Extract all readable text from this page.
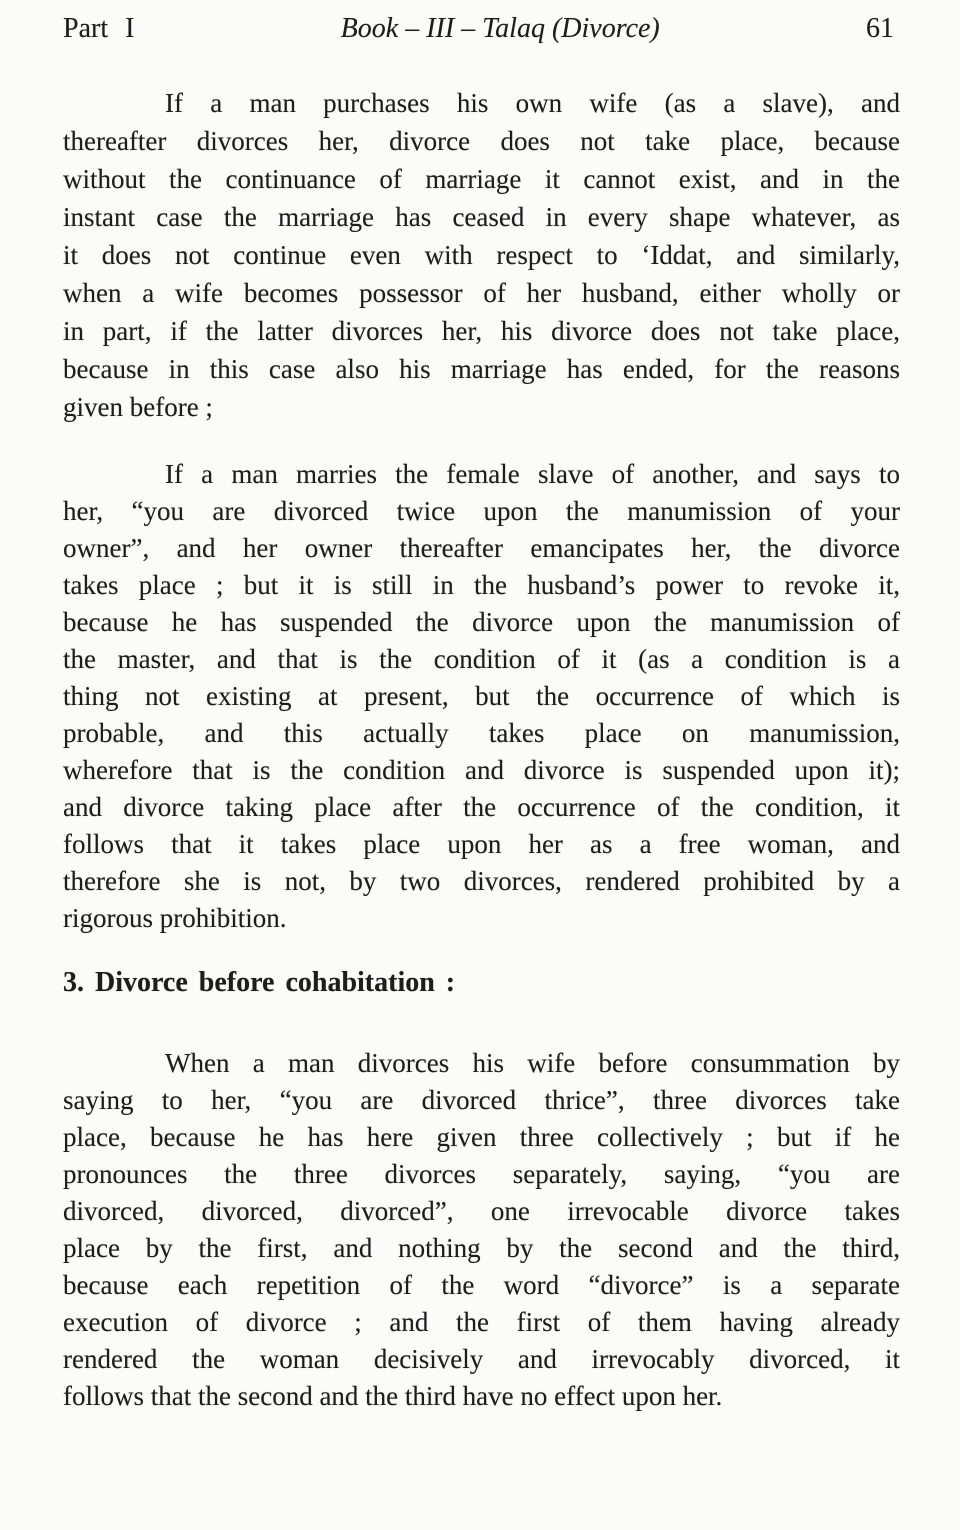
Part I	Book – III – Talaq (Divorce)	61
If a man purchases his own wife (as a slave), and
thereafter divorces her, divorce does not take place, because
without the continuance of marriage it cannot exist, and in the
instant case the marriage has ceased in every shape whatever, as
it does not continue even with respect to ‘Iddat, and similarly,
when a wife becomes possessor of her husband, either wholly or
in part, if the latter divorces her, his divorce does not take place,
because in this case also his marriage has ended, for the reasons
given before ;
If a man marries the female slave of another, and says to
her, “you are divorced twice upon the manumission of your
owner”, and her owner thereafter emancipates her, the divorce
takes place ; but it is still in the husband’s power to revoke it,
because he has suspended the divorce upon the manumission of
the master, and that is the condition of it (as a condition is a
thing not existing at present, but the occurrence of which is
probable, and this actually takes place on manumission,
wherefore that is the condition and divorce is suspended upon it);
and divorce taking place after the occurrence of the condition, it
follows that it takes place upon her as a free woman, and
therefore she is not, by two divorces, rendered prohibited by a
rigorous prohibition.
3. Divorce before cohabitation :
When a man divorces his wife before consummation by
saying to her, “you are divorced thrice”, three divorces take
place, because he has here given three collectively ; but if he
pronounces the three divorces separately, saying, “you are
divorced, divorced, divorced”, one irrevocable divorce takes
place by the first, and nothing by the second and the third,
because each repetition of the word “divorce” is a separate
execution of divorce ; and the first of them having already
rendered the woman decisively and irrevocably divorced, it
follows that the second and the third have no effect upon her.
